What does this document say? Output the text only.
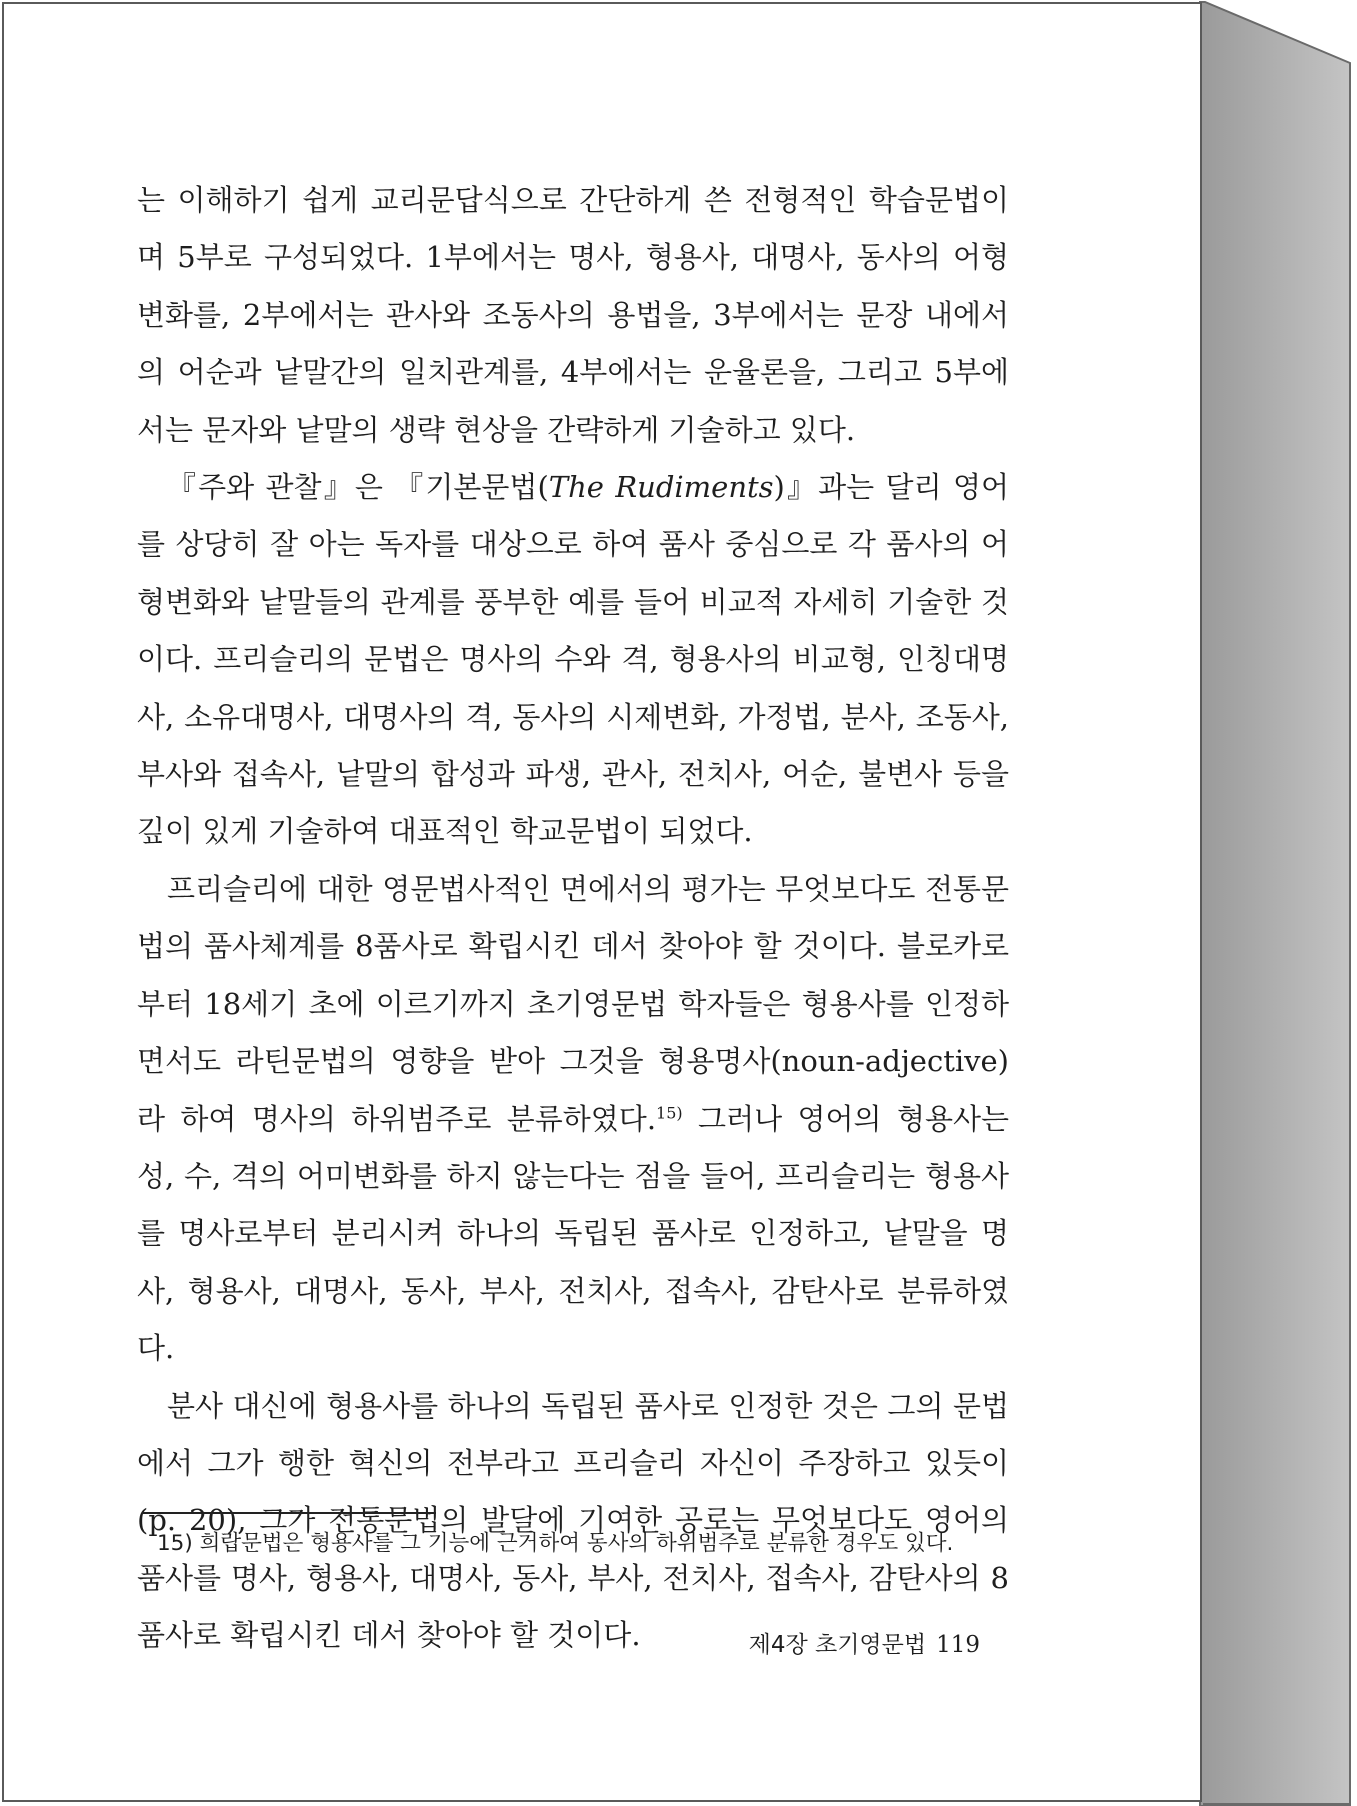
는 이해하기 쉽게 교리문답식으로 간단하게 쓴 전형적인 학습문법이며 5부로 구성되었다. 1부에서는 명사, 형용사, 대명사, 동사의 어형변화를, 2부에서는 관사와 조동사의 용법을, 3부에서는 문장 내에서의 어순과 낱말간의 일치관계를, 4부에서는 운율론을, 그리고 5부에서는 문자와 낱말의 생략 현상을 간략하게 기술하고 있다.

『주와 관찰』은 『기본문법(The Rudiments)』과는 달리 영어를 상당히 잘 아는 독자를 대상으로 하여 품사 중심으로 각 품사의 어형변화와 낱말들의 관계를 풍부한 예를 들어 비교적 자세히 기술한 것이다. 프리슬리의 문법은 명사의 수와 격, 형용사의 비교형, 인칭대명사, 소유대명사, 대명사의 격, 동사의 시제변화, 가정법, 분사, 조동사, 부사와 접속사, 낱말의 합성과 파생, 관사, 전치사, 어순, 불변사 등을 깊이 있게 기술하여 대표적인 학교문법이 되었다.

프리슬리에 대한 영문법사적인 면에서의 평가는 무엇보다도 전통문법의 품사체계를 8품사로 확립시킨 데서 찾아야 할 것이다. 블로카로부터 18세기 초에 이르기까지 초기영문법 학자들은 형용사를 인정하면서도 라틴문법의 영향을 받아 그것을 형용명사(noun-adjective)라 하여 명사의 하위범주로 분류하였다.$^{15)}$ 그러나 영어의 형용사는 성, 수, 격의 어미변화를 하지 않는다는 점을 들어, 프리슬리는 형용사를 명사로부터 분리시켜 하나의 독립된 품사로 인정하고, 낱말을 명사, 형용사, 대명사, 동사, 부사, 전치사, 접속사, 감탄사로 분류하였다.

분사 대신에 형용사를 하나의 독립된 품사로 인정한 것은 그의 문법에서 그가 행한 혁신의 전부라고 프리슬리 자신이 주장하고 있듯이 (p. 20), 그가 전통문법의 발달에 기여한 공로는 무엇보다도 영어의 품사를 명사, 형용사, 대명사, 동사, 부사, 전치사, 접속사, 감탄사의 8품사로 확립시킨 데서 찾아야 할 것이다.

15) 희랍문법은 형용사를 그 기능에 근거하여 동사의 하위범주로 분류한 경우도 있다.
제4장 초기영문법 119
